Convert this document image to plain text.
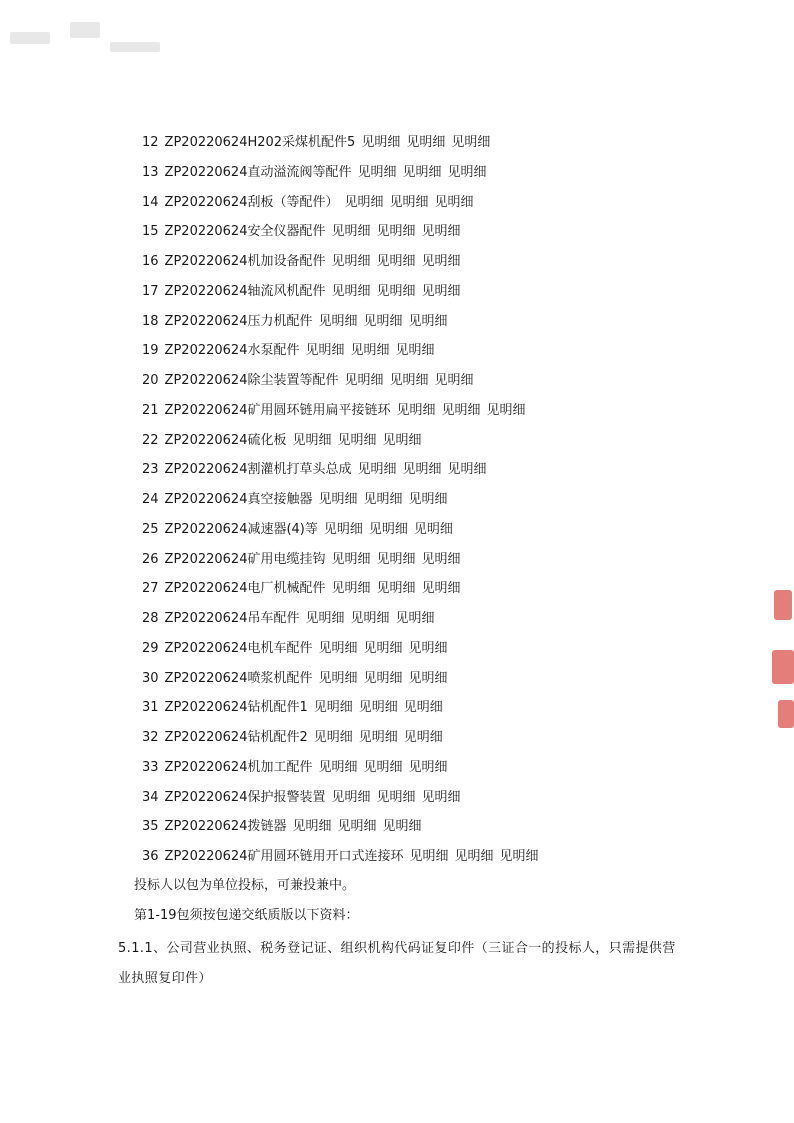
12 ZP20220624H202采煤机配件5 见明细 见明细 见明细
13 ZP20220624直动溢流阀等配件 见明细 见明细 见明细
14 ZP20220624刮板（等配件） 见明细 见明细 见明细
15 ZP20220624安全仪器配件 见明细 见明细 见明细
16 ZP20220624机加设备配件 见明细 见明细 见明细
17 ZP20220624轴流风机配件 见明细 见明细 见明细
18 ZP20220624压力机配件 见明细 见明细 见明细
19 ZP20220624水泵配件 见明细 见明细 见明细
20 ZP20220624除尘装置等配件 见明细 见明细 见明细
21 ZP20220624矿用圆环链用扁平接链环 见明细 见明细 见明细
22 ZP20220624硫化板 见明细 见明细 见明细
23 ZP20220624割灌机打草头总成 见明细 见明细 见明细
24 ZP20220624真空接触器 见明细 见明细 见明细
25 ZP20220624减速器(4)等 见明细 见明细 见明细
26 ZP20220624矿用电缆挂钩 见明细 见明细 见明细
27 ZP20220624电厂机械配件 见明细 见明细 见明细
28 ZP20220624吊车配件 见明细 见明细 见明细
29 ZP20220624电机车配件 见明细 见明细 见明细
30 ZP20220624喷浆机配件 见明细 见明细 见明细
31 ZP20220624钻机配件1 见明细 见明细 见明细
32 ZP20220624钻机配件2 见明细 见明细 见明细
33 ZP20220624机加工配件 见明细 见明细 见明细
34 ZP20220624保护报警装置 见明细 见明细 见明细
35 ZP20220624拨链器 见明细 见明细 见明细
36 ZP20220624矿用圆环链用开口式连接环 见明细 见明细 见明细
投标人以包为单位投标，可兼投兼中。
第1-19包须按包递交纸质版以下资料：
5.1.1、公司营业执照、税务登记证、组织机构代码证复印件（三证合一的投标人，只需提供营业执照复印件）
